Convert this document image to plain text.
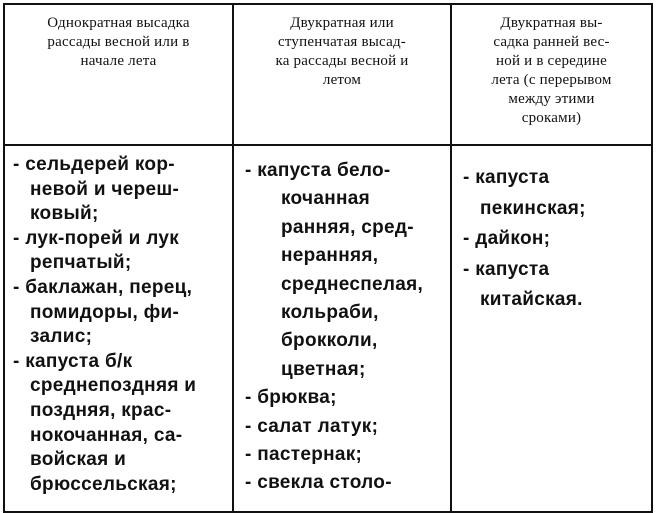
Однократная высадка
рассады весной или в
начале лета
Двукратная или
ступенчатая высад-
ка рассады весной и
летом
Двукратная вы-
садка ранней вес-
ной и в середине
лета (с перерывом
между этими
сроками)
- сельдерей кор-
невой и череш-
ковый;
- лук-порей и лук
репчатый;
- баклажан, перец,
помидоры, фи-
залис;
- капуста б/к
среднепоздняя и
поздняя, крас-
нокочанная, са-
войская и
брюссельская;
- капуста бело-
кочанная
ранняя, сред-
неранняя,
среднеспелая,
кольраби,
брокколи,
цветная;
- брюква;
- салат латук;
- пастернак;
- свекла столо-
- капуста
пекинская;
- дайкон;
- капуста
китайская.
